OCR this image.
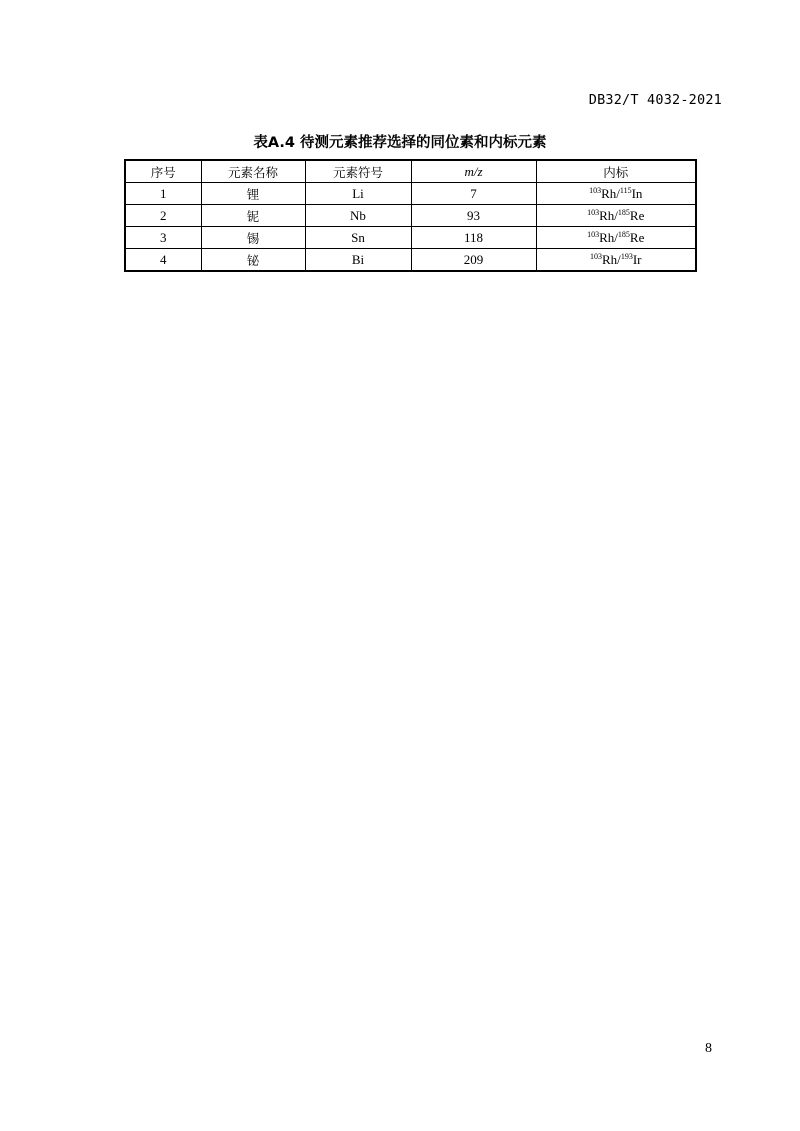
DB32/T 4032-2021
表A.4 待测元素推荐选择的同位素和内标元素
序号	元素名称	元素符号	m/z	内标
1	锂	Li	7	$^{103}$Rh/$^{115}$In
2	铌	Nb	93	$^{103}$Rh/$^{185}$Re
3	锡	Sn	118	$^{103}$Rh/$^{185}$Re
4	铋	Bi	209	$^{103}$Rh/$^{193}$Ir
8
